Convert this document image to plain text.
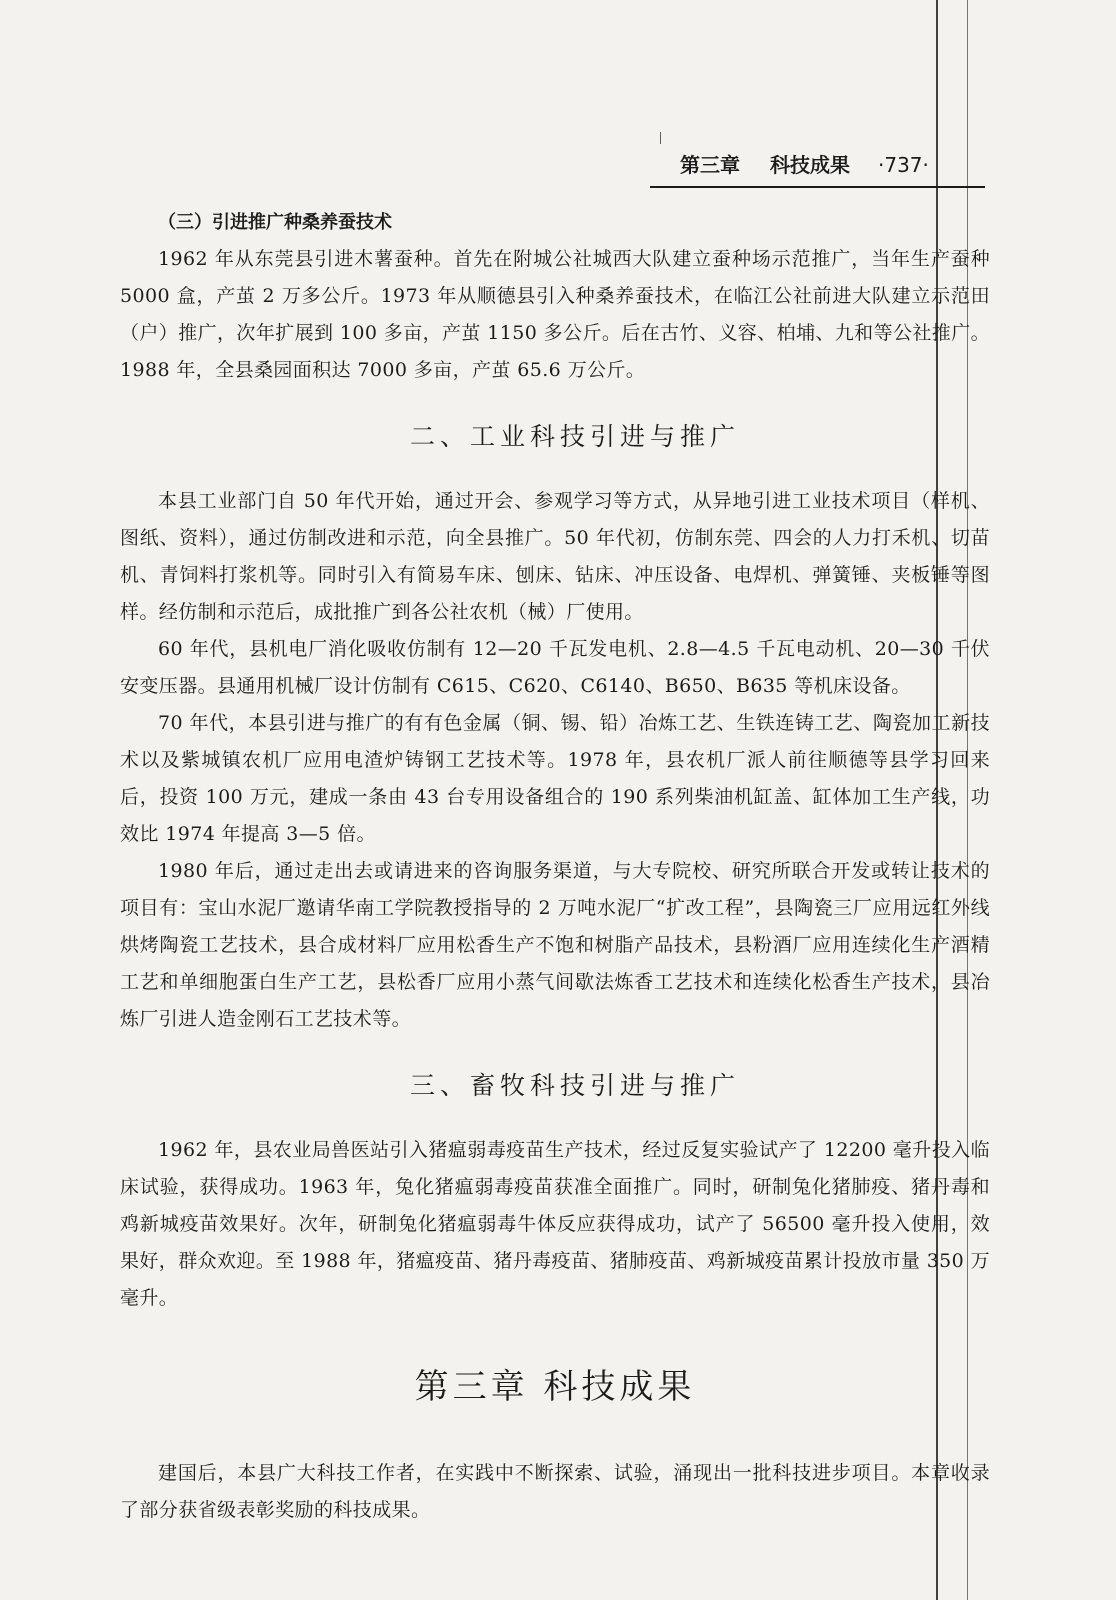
第三章 科技成果 ·737·
（三）引进推广种桑养蚕技术

1962 年从东莞县引进木薯蚕种。首先在附城公社城西大队建立蚕种场示范推广，当年生产蚕种 5000 盒，产茧 2 万多公斤。1973 年从顺德县引入种桑养蚕技术，在临江公社前进大队建立示范田（户）推广，次年扩展到 100 多亩，产茧 1150 多公斤。后在古竹、义容、柏埔、九和等公社推广。1988 年，全县桑园面积达 7000 多亩，产茧 65.6 万公斤。

二、工业科技引进与推广

本县工业部门自 50 年代开始，通过开会、参观学习等方式，从异地引进工业技术项目（样机、图纸、资料），通过仿制改进和示范，向全县推广。50 年代初，仿制东莞、四会的人力打禾机、切苗机、青饲料打浆机等。同时引入有简易车床、刨床、钻床、冲压设备、电焊机、弹簧锤、夹板锤等图样。经仿制和示范后，成批推广到各公社农机（械）厂使用。

60 年代，县机电厂消化吸收仿制有 12—20 千瓦发电机、2.8—4.5 千瓦电动机、20—30 千伏安变压器。县通用机械厂设计仿制有 C615、C620、C6140、B650、B635 等机床设备。

70 年代，本县引进与推广的有有色金属（铜、锡、铅）冶炼工艺、生铁连铸工艺、陶瓷加工新技术以及紫城镇农机厂应用电渣炉铸钢工艺技术等。1978 年，县农机厂派人前往顺德等县学习回来后，投资 100 万元，建成一条由 43 台专用设备组合的 190 系列柴油机缸盖、缸体加工生产线，功效比 1974 年提高 3—5 倍。

1980 年后，通过走出去或请进来的咨询服务渠道，与大专院校、研究所联合开发或转让技术的项目有：宝山水泥厂邀请华南工学院教授指导的 2 万吨水泥厂“扩改工程”，县陶瓷三厂应用远红外线烘烤陶瓷工艺技术，县合成材料厂应用松香生产不饱和树脂产品技术，县粉酒厂应用连续化生产酒精工艺和单细胞蛋白生产工艺，县松香厂应用小蒸气间歇法炼香工艺技术和连续化松香生产技术，县冶炼厂引进人造金刚石工艺技术等。

三、畜牧科技引进与推广

1962 年，县农业局兽医站引入猪瘟弱毒疫苗生产技术，经过反复实验试产了 12200 毫升投入临床试验，获得成功。1963 年，兔化猪瘟弱毒疫苗获准全面推广。同时，研制兔化猪肺疫、猪丹毒和鸡新城疫苗效果好。次年，研制兔化猪瘟弱毒牛体反应获得成功，试产了 56500 毫升投入使用，效果好，群众欢迎。至 1988 年，猪瘟疫苗、猪丹毒疫苗、猪肺疫苗、鸡新城疫苗累计投放市量 350 万毫升。

第三章 科技成果

建国后，本县广大科技工作者，在实践中不断探索、试验，涌现出一批科技进步项目。本章收录了部分获省级表彰奖励的科技成果。
